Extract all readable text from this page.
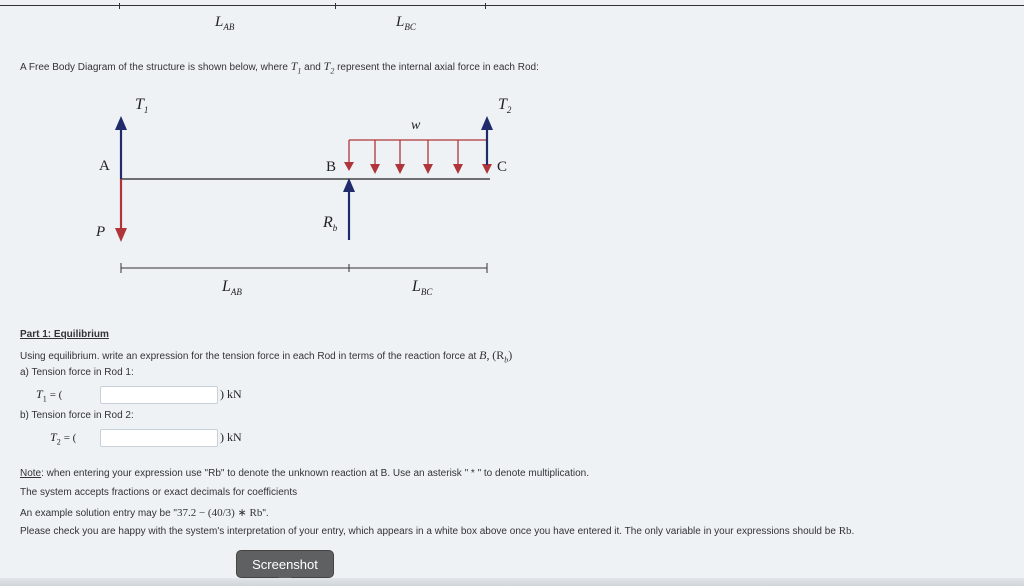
$L_{AB}$	$L_{BC}$
A Free Body Diagram of the structure is shown below, where $T_1$ and $T_2$ represent the internal axial force in each Rod:
$T_1$
A
P
B
w
C
$T_2$
$R_b$
$L_{AB}$	$L_{BC}$
Part 1: Equilibrium
Using equilibrium. write an expression for the tension force in each Rod in terms of the reaction force at B, $(R_b)$
a) Tension force in Rod 1:
$T_1$ = (	) kN
b) Tension force in Rod 2:
$T_2$ = (	) kN
Note: when entering your expression use "Rb" to denote the unknown reaction at B. Use an asterisk " * " to denote multiplication.
The system accepts fractions or exact decimals for coefficients
An example solution entry may be "37.2 − (40/3) ∗ Rb".
Please check you are happy with the system's interpretation of your entry, which appears in a white box above once you have entered it. The only variable in your expressions should be Rb.
Screenshot
